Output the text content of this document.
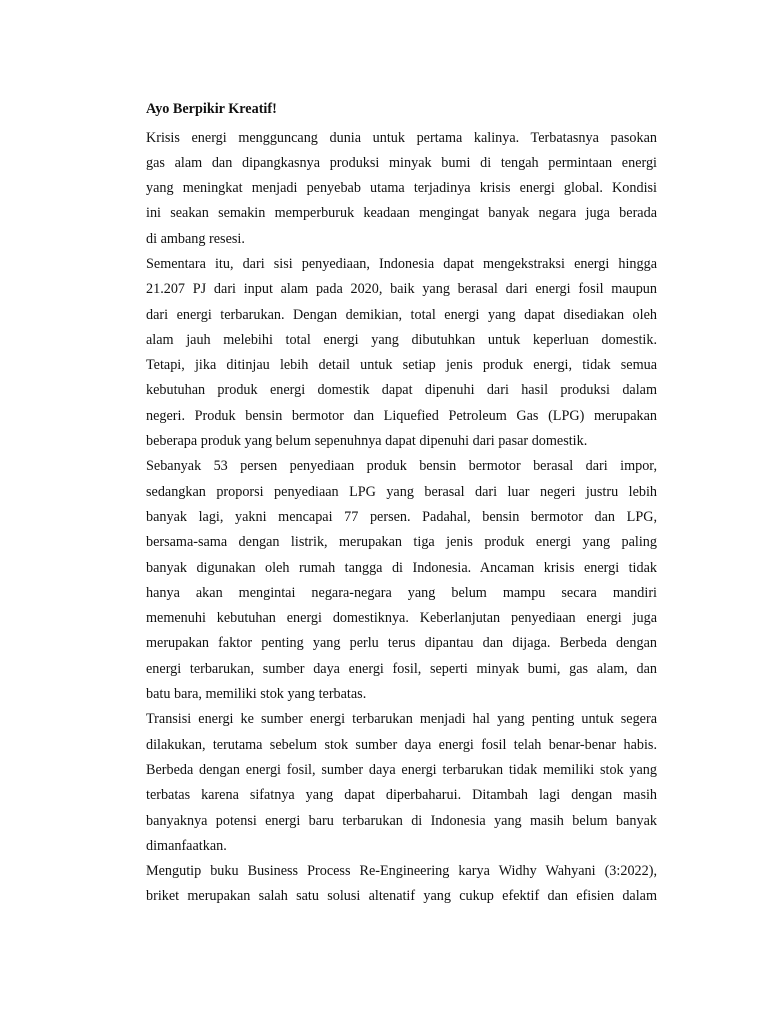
Ayo Berpikir Kreatif!
Krisis energi mengguncang dunia untuk pertama kalinya. Terbatasnya pasokan
gas alam dan dipangkasnya produksi minyak bumi di tengah permintaan energi
yang meningkat menjadi penyebab utama terjadinya krisis energi global. Kondisi
ini seakan semakin memperburuk keadaan mengingat banyak negara juga berada
di ambang resesi.
Sementara itu, dari sisi penyediaan, Indonesia dapat mengekstraksi energi hingga
21.207 PJ dari input alam pada 2020, baik yang berasal dari energi fosil maupun
dari energi terbarukan. Dengan demikian, total energi yang dapat disediakan oleh
alam jauh melebihi total energi yang dibutuhkan untuk keperluan domestik.
Tetapi, jika ditinjau lebih detail untuk setiap jenis produk energi, tidak semua
kebutuhan produk energi domestik dapat dipenuhi dari hasil produksi dalam
negeri. Produk bensin bermotor dan Liquefied Petroleum Gas (LPG) merupakan
beberapa produk yang belum sepenuhnya dapat dipenuhi dari pasar domestik.
Sebanyak 53 persen penyediaan produk bensin bermotor berasal dari impor,
sedangkan proporsi penyediaan LPG yang berasal dari luar negeri justru lebih
banyak lagi, yakni mencapai 77 persen. Padahal, bensin bermotor dan LPG,
bersama-sama dengan listrik, merupakan tiga jenis produk energi yang paling
banyak digunakan oleh rumah tangga di Indonesia. Ancaman krisis energi tidak
hanya akan mengintai negara-negara yang belum mampu secara mandiri
memenuhi kebutuhan energi domestiknya. Keberlanjutan penyediaan energi juga
merupakan faktor penting yang perlu terus dipantau dan dijaga. Berbeda dengan
energi terbarukan, sumber daya energi fosil, seperti minyak bumi, gas alam, dan
batu bara, memiliki stok yang terbatas.
Transisi energi ke sumber energi terbarukan menjadi hal yang penting untuk segera
dilakukan, terutama sebelum stok sumber daya energi fosil telah benar-benar habis.
Berbeda dengan energi fosil, sumber daya energi terbarukan tidak memiliki stok yang
terbatas karena sifatnya yang dapat diperbaharui. Ditambah lagi dengan masih
banyaknya potensi energi baru terbarukan di Indonesia yang masih belum banyak
dimanfaatkan.
Mengutip buku Business Process Re-Engineering karya Widhy Wahyani (3:2022),
briket merupakan salah satu solusi altenatif yang cukup efektif dan efisien dalam
